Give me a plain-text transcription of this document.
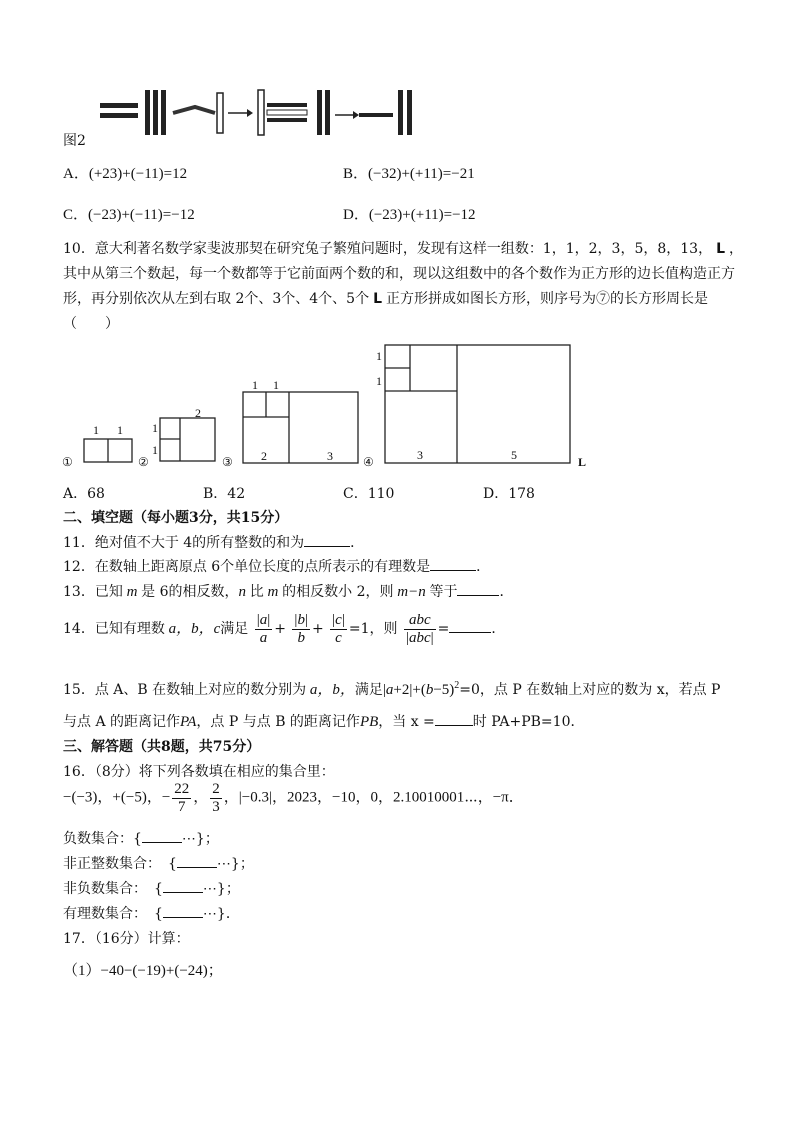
图2
A．(+23)+(−11)=12	B．(−32)+(+11)=−21
C．(−23)+(−11)=−12	D．(−23)+(+11)=−12
10．意大利著名数学家斐波那契在研究兔子繁殖问题时，发现有这样一组数：1，1，2，3，5，8，13， L ，
其中从第三个数起，每一个数都等于它前面两个数的和，现以这组数中的各个数作为正方形的边长值构造正方
形，再分别依次从左到右取 2个、3个、4个、5个 L 正方形拼成如图长方形，则序号为⑦的长方形周长是
（　　）
①	②	③	④
1 1 1
1
2
1 1
2	3
1
1
3	5	L
A．68	B．42	C．110	D．178
二、填空题（每小题3分，共15分）
11．绝对值不大于 4的所有整数的和为	．
12．在数轴上距离原点 6个单位长度的点所表示的有理数是	．
13．已知 m 是 6的相反数，n 比 m 的相反数小 2，则 m−n 等于	．
14．已知有理数 a，b，c满足 $\frac{|a|}{a} + \frac{|b|}{b} + \frac{|c|}{c} =1$，则 $\frac{\text{abc}}{\text{|abc|}}$ =	．
15．点 A、B 在数轴上对应的数分别为 a，b，满足$|a+2|+(b-5)^2=0$，点 P 在数轴上对应的数为 x，若点 P
与点 A 的距离记作PA，点 P 与点 B 的距离记作PB，当 x =	时 PA+PB=10．
三、解答题（共8题，共75分）
16．（8分）将下列各数填在相应的集合里：
−(−3)，+(−5)，− $\frac{22}{7}$ ， $\frac{2}{3}$ ，|−0.3|，2023，−10，0，2.10010001⋯，−π．
负数集合：{	⋯}；
非正整数集合：　{	⋯}；
非负数集合：　{	⋯}；
有理数集合：　{	⋯}．
17．（16分）计算：
（1）−40−(−19)+(−24)；
